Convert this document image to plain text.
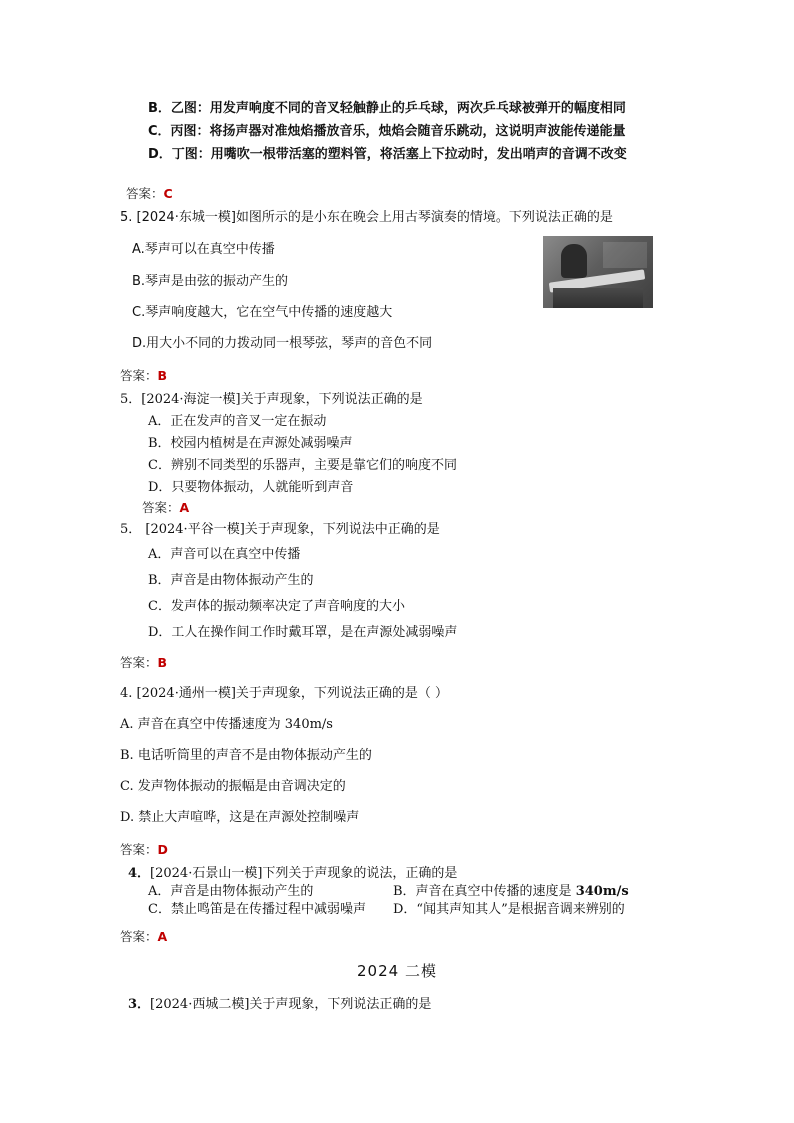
B．乙图：用发声响度不同的音叉轻触静止的乒乓球，两次乒乓球被弹开的幅度相同
C．丙图：将扬声器对准烛焰播放音乐，烛焰会随音乐跳动，这说明声波能传递能量
D．丁图：用嘴吹一根带活塞的塑料管，将活塞上下拉动时，发出哨声的音调不改变
答案：C
5. [2024·东城一模]如图所示的是小东在晚会上用古琴演奏的情境。下列说法正确的是
A.琴声可以在真空中传播
B.琴声是由弦的振动产生的
C.琴声响度越大，它在空气中传播的速度越大
D.用大小不同的力拨动同一根琴弦，琴声的音色不同
答案：B
5．[2024·海淀一模]关于声现象，下列说法正确的是
A．正在发声的音叉一定在振动
B．校园内植树是在声源处减弱噪声
C．辨别不同类型的乐器声，主要是靠它们的响度不同
D．只要物体振动，人就能听到声音
答案：A
5． [2024·平谷一模]关于声现象，下列说法中正确的是
A．声音可以在真空中传播
B．声音是由物体振动产生的
C．发声体的振动频率决定了声音响度的大小
D．工人在操作间工作时戴耳罩，是在声源处减弱噪声
答案：B
4. [2024·通州一模]关于声现象，下列说法正确的是（ ）
A. 声音在真空中传播速度为 340m/s
B. 电话听筒里的声音不是由物体振动产生的
C. 发声物体振动的振幅是由音调决定的
D. 禁止大声喧哗，这是在声源处控制噪声
答案：D
4．[2024·石景山一模]下列关于声现象的说法，正确的是
A．声音是由物体振动产生的	B．声音在真空中传播的速度是 340m/s
C．禁止鸣笛是在传播过程中减弱噪声 D．“闻其声知其人”是根据音调来辨别的
答案：A
2024 二模
3．[2024·西城二模]关于声现象，下列说法正确的是
